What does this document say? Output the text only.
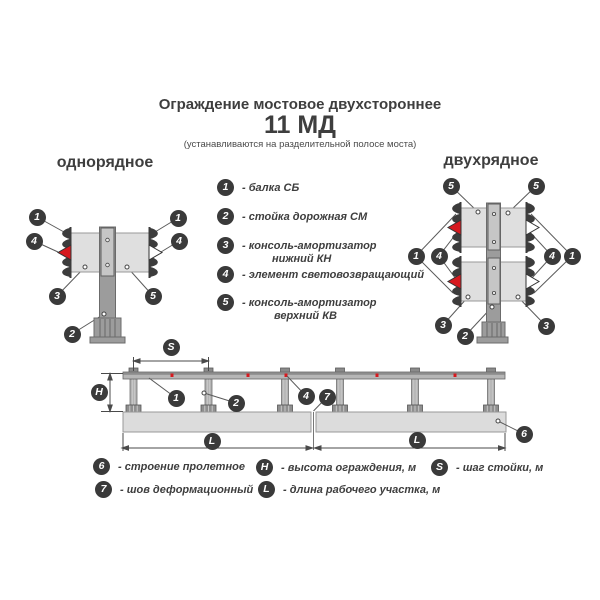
Ограждение мостовое двухстороннее
11 МД
(устанавливаются на разделительной полосе моста)
однорядное	двухрядное
1	- балка СБ
2	- стойка дорожная СМ
3	- консоль-амортизатор
нижний КН
4	- элемент световозвращающий
5	- консоль-амортизатор
верхний КВ
6	- строение пролетное
7	- шов деформационный
H	- высота ограждения, м
L	- длина рабочего участка, м
S	- шаг стойки, м
1	1
4	4
3	5
2
5	5
1	4	4	1
3	3
2
S
H	1	2
4	7
L	L	6
